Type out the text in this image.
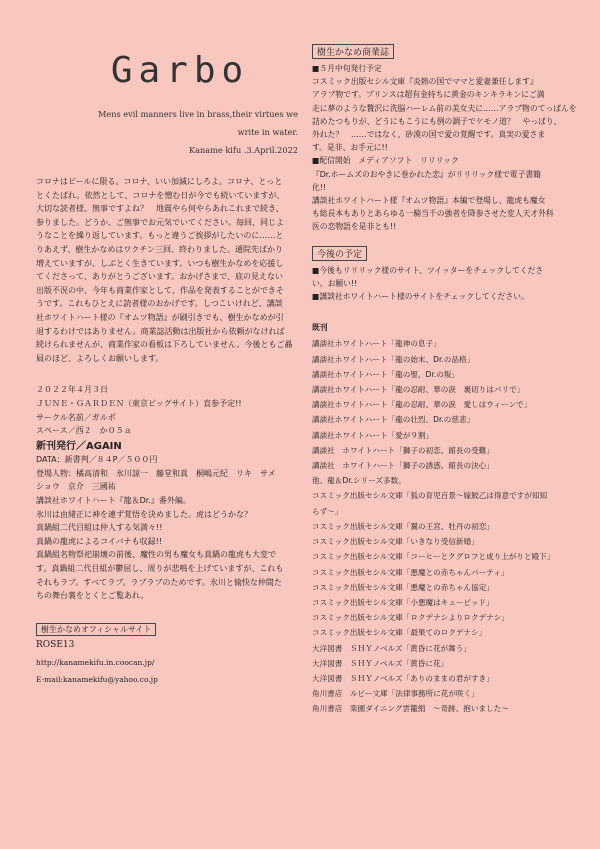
Garbo
Mens evil manners live in brass,their virtues we
write in water.
Kaname kifu .3.April.2022

コロナはビールに限る。コロナ、いい加減にしろよ。コロナ、とっと

とくたばれ。依然として、コロナを憎む日が今でも続いていますが、

大切な読者様、無事ですよね？　地震やら何やらあれこれまで続き、

参りました。どうか、ご無事でお元気でいてください。毎回、同じよ

うなことを繰り返しています。もっと違うご挨拶がしたいのに……と

りあえず、樹生かなめはワクチン三回、終わりました。通院先ばかり

増えていますが、しぶとく生きています。いつも樹生かなめを応援し

てくださって、ありがとうございます。おかげさまで、底の見えない

出版不況の中、今年も商業作家として、作品を発表することができそ

うです。これもひとえに読者様のおかげです。しつこいけれど、講談

社ホワイトハート様の『オムツ物語』が刷引きでも、樹生かなめが引

退するわけではありません。商業誌活動は出版社から依頼がなければ

続けられませんが、商業作家の看板は下ろしていません。今後ともご贔

屓のほど、よろしくお願いします。

２０２２年４月３日
ＪＵＮＥ・ＧＡＲＤＥＮ（東京ビッグサイト）直参予定!!
サークル名前／ガルボ
スペース／西２　か０５ａ
新刊発行／AGAIN
DATA：新書判／８４P／５００円
登場人物：橘高清和　氷川諒一　藤堂和真　桐嶋元紀　リキ　サメ
ショウ　京介　三國祐
講談社ホワイトハート『龍＆Dr.』番外編。
氷川は由緒正に神を連ず覚悟を決めました。虎はどうかな？
真鍋組二代目組は仲人する気満々!!
真鍋の龍虎によるコイバナも収録!!
真鍋組名物祭祀崩壊の前後、魔性の男も魔女も真鍋の龍虎も大変で
す。真鍋組二代目組が鬱屈し、周りが悲鳴を上げていますが、これも
それもラブ。すべてラブ。ラブラブのためです。氷川と愉快な仲間た
ちの舞台裏をとくとご覧あれ。
樹生かなめオフィシャルサイト
ROSE13
http://kanamekifu.in.coocan.jp/
E-mail:kanamekifu@yahoo.co.jp
樹生かなめ商業誌
■５月中旬発行予定
コスミック出版セシル文庫『炎熱の国でママと愛妻兼任します』
アラブ物です。プリンスは超有金持ちに黄金のキンキラキンにご満
走に夢のような贅沢に洗脳ハーレム前の美女夫に……アラブ物のてっぱんを
詰めたつもりが、どうにもこうにも例の調子でケモノ道？　やっぱり、
外れた？　……ではなく、砂漠の国で愛の覚醒です。真実の愛さま
す。是非、お手元に!!
■配信開始　メディアソフト　リリリック
『Dr.ホームズのおやきに巻かれた恋』がリリリック様で電子書籍
化!!
講談社ホワイトハート様『オムツ物語』本編で登場し、龍虎も魔女
も総長本もありとあらゆる一騎当千の強者を降参させた変人天才外科
医の恋物語を是非とも!!
今後の予定
■今後もリリリック様のサイト、ツイッターをチェックしてくださ
い。お願い!!
■講談社ホワイトハート様のサイトをチェックしてください。
既刊
講談社ホワイトハート「龍神の息子」
講談社ホワイトハート「龍の始末、Dr.の品格」
講談社ホワイトハート「龍の聖、Dr.の叛」
講談社ホワイトハート「龍の忍耐、華の涙　裏切りはパリで」
講談社ホワイトハート「龍の忍耐、華の涙　愛しはウィーンで」
講談社ホワイトハート「龍の壮烈、Dr.の慈悲」
講談社ホワイトハート「愛が９割」
講談社　ホワイトハート「獅子の初恋、館長の受難」
講談社　ホワイトハート「獅子の誘惑、館長の決心」
他、龍＆Dr.シリーズ多数。
コスミック出版セシル文庫「狐の育児百景～嫁鮫乙は得意ですが知知
らず～」
コスミック出版セシル文庫「翼の王宮、牡丹の初恋」
コスミック出版セシル文庫「いきなり受信新婚」
コスミック出版セシル文庫「コーヒーとクグロフと成り上がりと殿下」
コスミック出版セシル文庫「悪魔との赤ちゃんパーティ」
コスミック出版セシル文庫「悪魔との赤ちゃん協定」
コスミック出版セシル文庫「小悪魔はキューピッド」
コスミック出版セシル文庫「ロクデナシよりロクデナシ」
コスミック出版セシル文庫「最果てのロクデナシ」
大洋図書　ＳＨＹノベルズ「黄昏に花が舞う」
大洋図書　ＳＨＹノベルズ「黄昏に花」
大洋図書　ＳＨＹノベルズ「ありのままの君がすき」
角川書店　ルビー文庫「法律事務所に花が咲く」
角川書店　楽園ダイニング雲籠絹　～奇跡、抱いました～
